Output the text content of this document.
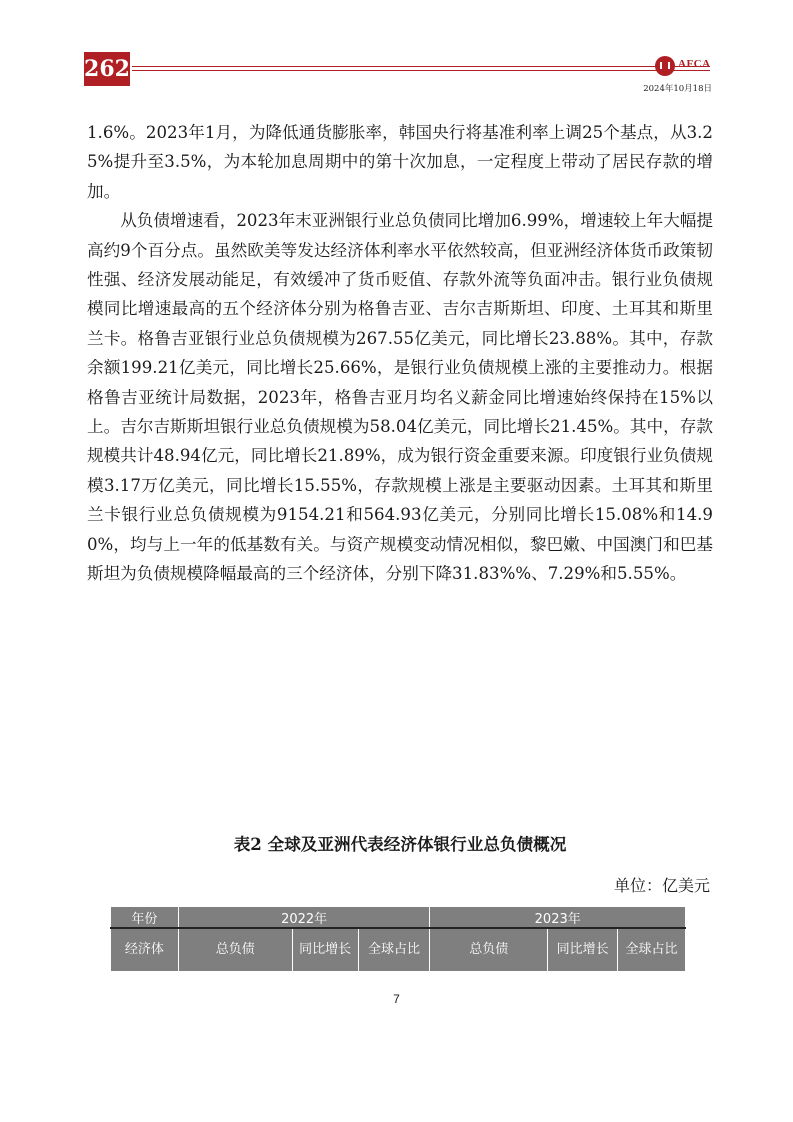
262	AFCA
2024年10月18日

1.6%。2023年1月，为降低通货膨胀率，韩国央行将基准利率上调25个基点，从3.25%提升至3.5%，为本轮加息周期中的第十次加息，一定程度上带动了居民存款的增加。

从负债增速看，2023年末亚洲银行业总负债同比增加6.99%，增速较上年大幅提高约9个百分点。虽然欧美等发达经济体利率水平依然较高，但亚洲经济体货币政策韧性强、经济发展动能足，有效缓冲了货币贬值、存款外流等负面冲击。银行业负债规模同比增速最高的五个经济体分别为格鲁吉亚、吉尔吉斯斯坦、印度、土耳其和斯里兰卡。格鲁吉亚银行业总负债规模为267.55亿美元，同比增长23.88%。其中，存款余额199.21亿美元，同比增长25.66%，是银行业负债规模上涨的主要推动力。根据格鲁吉亚统计局数据，2023年，格鲁吉亚月均名义薪金同比增速始终保持在15%以上。吉尔吉斯斯坦银行业总负债规模为58.04亿美元，同比增长21.45%。其中，存款规模共计48.94亿元，同比增长21.89%，成为银行资金重要来源。印度银行业负债规模3.17万亿美元，同比增长15.55%，存款规模上涨是主要驱动因素。土耳其和斯里兰卡银行业总负债规模为9154.21和564.93亿美元，分别同比增长15.08%和14.90%，均与上一年的低基数有关。与资产规模变动情况相似，黎巴嫩、中国澳门和巴基斯坦为负债规模降幅最高的三个经济体，分别下降31.83%%、7.29%和5.55%。

表2 全球及亚洲代表经济体银行业总负债概况
单位：亿美元
年份	2022年			2023年		
经济体	总负债	同比增长	全球占比	总负债	同比增长	全球占比
7
